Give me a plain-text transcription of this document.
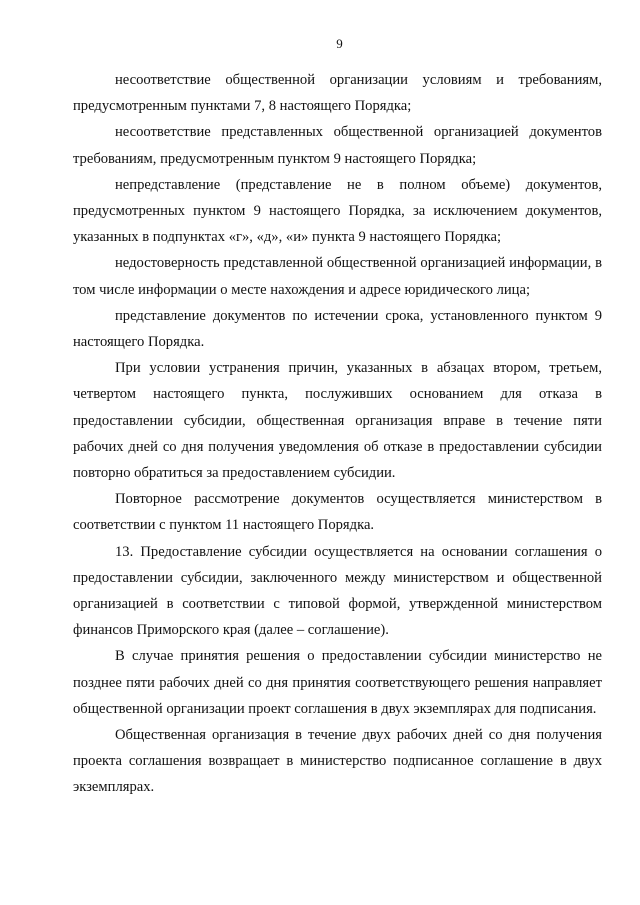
9

несоответствие общественной организации условиям и требованиям, предусмотренным пунктами 7, 8 настоящего Порядка;

несоответствие представленных общественной организацией документов требованиям, предусмотренным пунктом 9 настоящего Порядка;

непредставление (представление не в полном объеме) документов, предусмотренных пунктом 9 настоящего Порядка, за исключением документов, указанных в подпунктах «г», «д», «и» пункта 9 настоящего Порядка;

недостоверность представленной общественной организацией информации, в том числе информации о месте нахождения и адресе юридического лица;

представление документов по истечении срока, установленного пунктом 9 настоящего Порядка.

При условии устранения причин, указанных в абзацах втором, третьем, четвертом настоящего пункта, послуживших основанием для отказа в предоставлении субсидии, общественная организация вправе в течение пяти рабочих дней со дня получения уведомления об отказе в предоставлении субсидии повторно обратиться за предоставлением субсидии.

Повторное рассмотрение документов осуществляется министерством в соответствии с пунктом 11 настоящего Порядка.

13. Предоставление субсидии осуществляется на основании соглашения о предоставлении субсидии, заключенного между министерством и общественной организацией в соответствии с типовой формой, утвержденной министерством финансов Приморского края (далее – соглашение).

В случае принятия решения о предоставлении субсидии министерство не позднее пяти рабочих дней со дня принятия соответствующего решения направляет общественной организации проект соглашения в двух экземплярах для подписания.

Общественная организация в течение двух рабочих дней со дня получения проекта соглашения возвращает в министерство подписанное соглашение в двух экземплярах.
